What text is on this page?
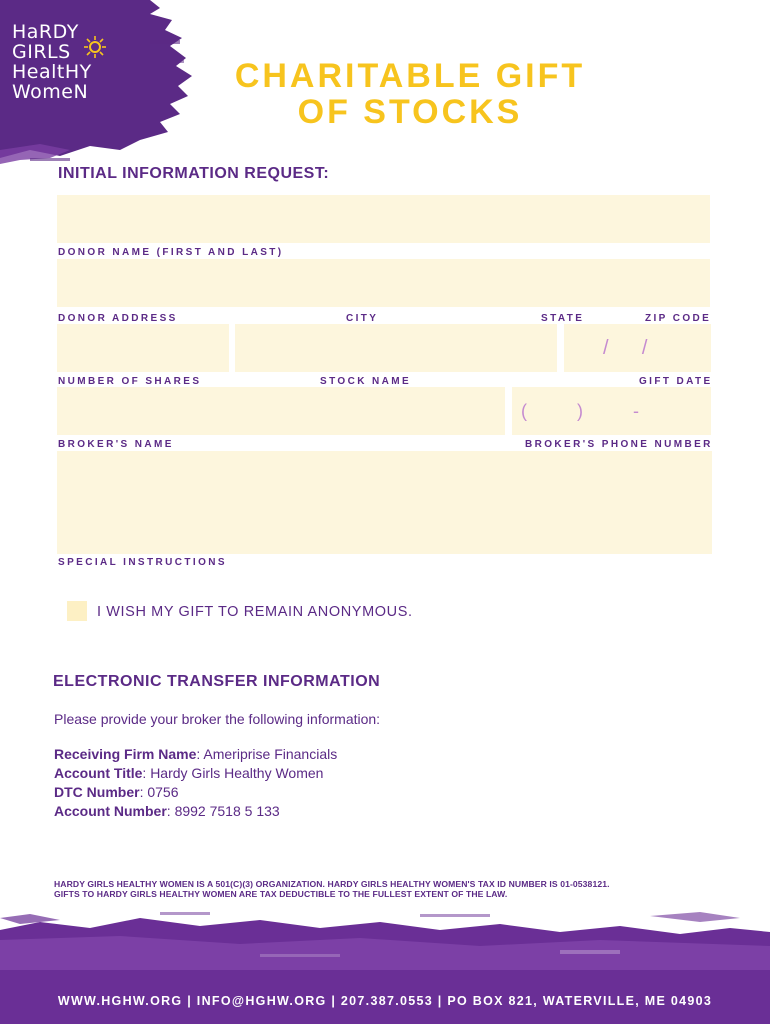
HaRDY
GIRLS
HealtHY
WomeN	CHARITABLE GIFT
OF STOCKS
INITIAL INFORMATION REQUEST:
DONOR NAME (FIRST AND LAST)
DONOR ADDRESS	CITY	STATE	ZIP CODE
/      /
NUMBER OF SHARES	STOCK NAME	GIFT DATE
(          )          -
BROKER'S NAME	BROKER'S PHONE NUMBER
SPECIAL INSTRUCTIONS
I WISH MY GIFT TO REMAIN ANONYMOUS.
ELECTRONIC TRANSFER INFORMATION
Please provide your broker the following information:
Receiving Firm Name: Ameriprise Financials
Account Title: Hardy Girls Healthy Women
DTC Number: 0756
Account Number: 8992 7518 5 133
HARDY GIRLS HEALTHY WOMEN IS A 501(C)(3) ORGANIZATION. HARDY GIRLS HEALTHY WOMEN'S TAX ID NUMBER IS 01-0538121.
GIFTS TO HARDY GIRLS HEALTHY WOMEN ARE TAX DEDUCTIBLE TO THE FULLEST EXTENT OF THE LAW.
WWW.HGHW.ORG | INFO@HGHW.ORG | 207.387.0553 | PO BOX 821, WATERVILLE, ME 04903
